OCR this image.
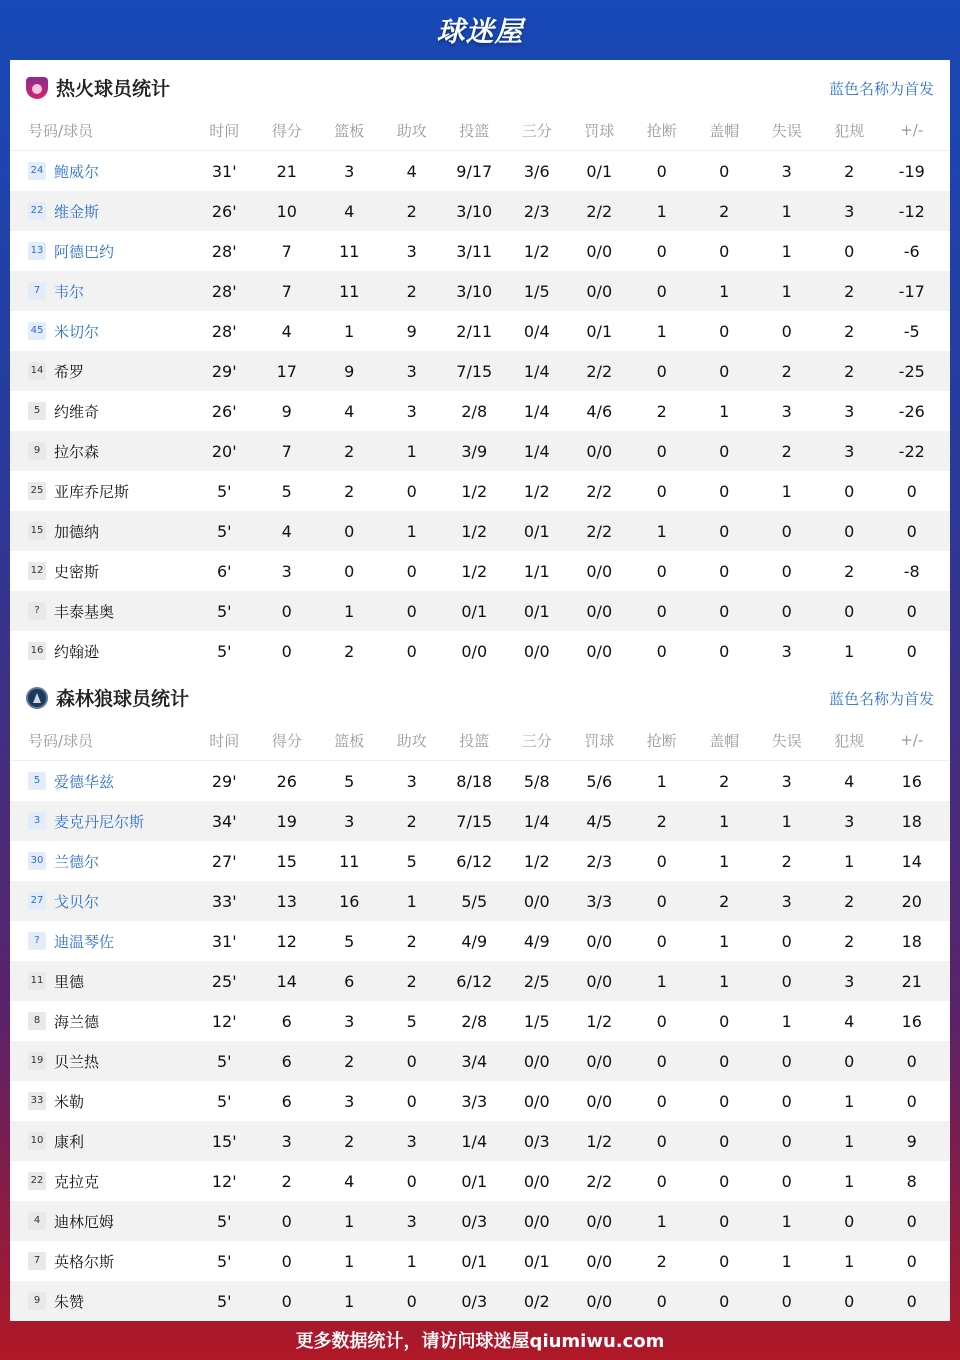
球迷屋
热火球员统计	蓝色名称为首发
号码/球员	时间	得分	篮板	助攻	投篮	三分	罚球	抢断	盖帽	失误	犯规	+/-
24 鲍威尔	31'	21	3	4	9/17	3/6	0/1	0	0	3	2	-19
22 维金斯	26'	10	4	2	3/10	2/3	2/2	1	2	1	3	-12
13 阿德巴约	28'	7	11	3	3/11	1/2	0/0	0	0	1	0	-6
7 韦尔	28'	7	11	2	3/10	1/5	0/0	0	1	1	2	-17
45 米切尔	28'	4	1	9	2/11	0/4	0/1	1	0	0	2	-5
14 希罗	29'	17	9	3	7/15	1/4	2/2	0	0	2	2	-25
5 约维奇	26'	9	4	3	2/8	1/4	4/6	2	1	3	3	-26
9 拉尔森	20'	7	2	1	3/9	1/4	0/0	0	0	2	3	-22
25 亚库乔尼斯	5'	5	2	0	1/2	1/2	2/2	0	0	1	0	0
15 加德纳	5'	4	0	1	1/2	0/1	2/2	1	0	0	0	0
12 史密斯	6'	3	0	0	1/2	1/1	0/0	0	0	0	2	-8
? 丰泰基奥	5'	0	1	0	0/1	0/1	0/0	0	0	0	0	0
16 约翰逊	5'	0	2	0	0/0	0/0	0/0	0	0	3	1	0
森林狼球员统计	蓝色名称为首发
号码/球员	时间	得分	篮板	助攻	投篮	三分	罚球	抢断	盖帽	失误	犯规	+/-
5 爱德华兹	29'	26	5	3	8/18	5/8	5/6	1	2	3	4	16
3 麦克丹尼尔斯	34'	19	3	2	7/15	1/4	4/5	2	1	1	3	18
30 兰德尔	27'	15	11	5	6/12	1/2	2/3	0	1	2	1	14
27 戈贝尔	33'	13	16	1	5/5	0/0	3/3	0	2	3	2	20
? 迪温琴佐	31'	12	5	2	4/9	4/9	0/0	0	1	0	2	18
11 里德	25'	14	6	2	6/12	2/5	0/0	1	1	0	3	21
8 海兰德	12'	6	3	5	2/8	1/5	1/2	0	0	1	4	16
19 贝兰热	5'	6	2	0	3/4	0/0	0/0	0	0	0	0	0
33 米勒	5'	6	3	0	3/3	0/0	0/0	0	0	0	1	0
10 康利	15'	3	2	3	1/4	0/3	1/2	0	0	0	1	9
22 克拉克	12'	2	4	0	0/1	0/0	2/2	0	0	0	1	8
4 迪林厄姆	5'	0	1	3	0/3	0/0	0/0	1	0	1	0	0
7 英格尔斯	5'	0	1	1	0/1	0/1	0/0	2	0	1	1	0
9 朱赞	5'	0	1	0	0/3	0/2	0/0	0	0	0	0	0
更多数据统计，请访问球迷屋qiumiwu.com
